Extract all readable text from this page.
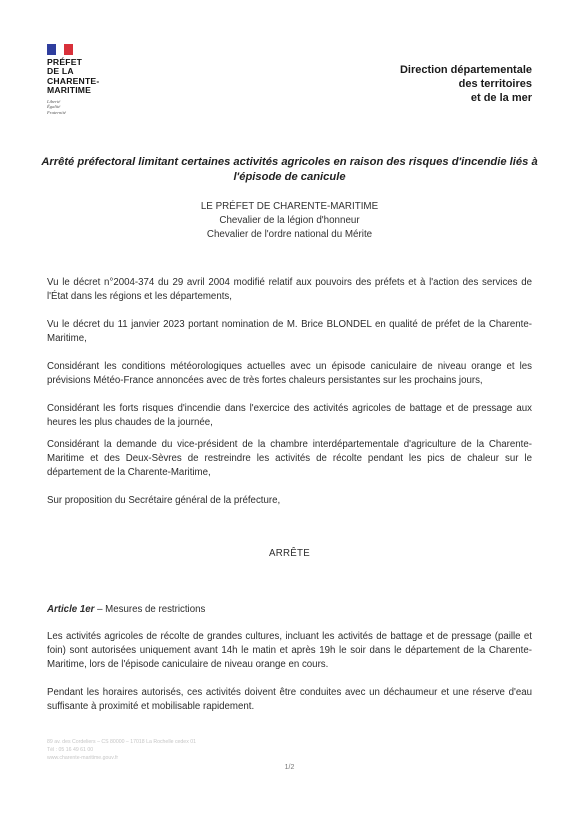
PRÉFET
DE LA
CHARENTE-
MARITIME
Liberté
Égalité
Fraternité
Direction départementale
des territoires
et de la mer
Arrêté préfectoral limitant certaines activités agricoles en raison des risques d'incendie liés à l'épisode de canicule
LE PRÉFET DE CHARENTE-MARITIME
Chevalier de la légion d'honneur
Chevalier de l'ordre national du Mérite

Vu le décret n°2004-374 du 29 avril 2004 modifié relatif aux pouvoirs des préfets et à l'action des services de l'État dans les régions et les départements,

Vu le décret du 11 janvier 2023 portant nomination de M. Brice BLONDEL en qualité de préfet de la Charente-Maritime,

Considérant les conditions météorologiques actuelles avec un épisode caniculaire de niveau orange et les prévisions Météo-France annoncées avec de très fortes chaleurs persistantes sur les prochains jours,

Considérant les forts risques d'incendie dans l'exercice des activités agricoles de battage et de pressage aux heures les plus chaudes de la journée,

Considérant la demande du vice-président de la chambre interdépartementale d'agriculture de la Charente-Maritime et des Deux-Sèvres de restreindre les activités de récolte pendant les pics de chaleur sur le département de la Charente-Maritime,

Sur proposition du Secrétaire général de la préfecture,

ARRÊTE
Article 1er – Mesures de restrictions

Les activités agricoles de récolte de grandes cultures, incluant les activités de battage et de pressage (paille et foin) sont autorisées uniquement avant 14h le matin et après 19h le soir dans le département de la Charente-Maritime, lors de l'épisode caniculaire de niveau orange en cours.

Pendant les horaires autorisés, ces activités doivent être conduites avec un déchaumeur et une réserve d'eau suffisante à proximité et mobilisable rapidement.

89 av. des Cordeliers – CS 80000 – 17018 La Rochelle cedex 01
Tél : 05 16 49 61 00
www.charente-maritime.gouv.fr
1/2
